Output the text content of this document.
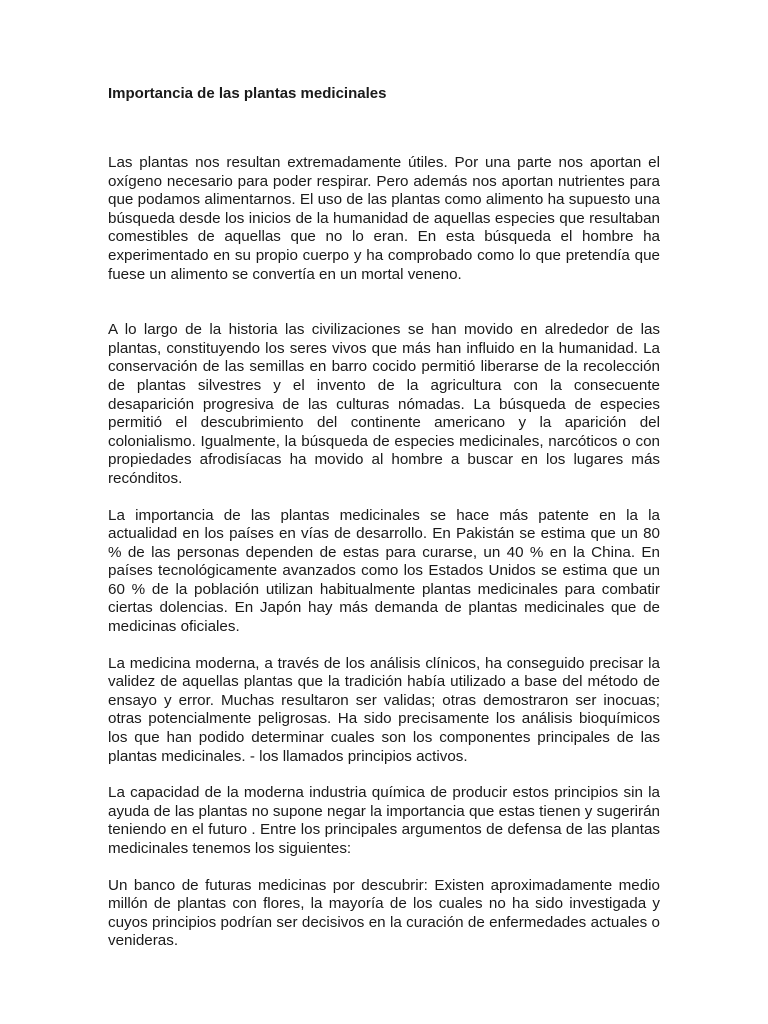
Importancia de las plantas medicinales

Las plantas nos resultan extremadamente útiles. Por una parte nos aportan el oxígeno necesario para poder respirar. Pero además nos aportan nutrientes para que podamos alimentarnos. El uso de las plantas como alimento ha supuesto una búsqueda desde los inicios de la humanidad de aquellas especies que resultaban comestibles de aquellas que no lo eran. En esta búsqueda el hombre ha experimentado en su propio cuerpo y ha comprobado como lo que pretendía que fuese un alimento se convertía en un mortal veneno.

A lo largo de la historia las civilizaciones se han movido en alrededor de las plantas, constituyendo los seres vivos que más han influido en la humanidad. La conservación de las semillas en barro cocido permitió liberarse de la recolección de plantas silvestres y el invento de la agricultura con la consecuente desaparición progresiva de las culturas nómadas. La búsqueda de especies permitió el descubrimiento del continente americano y la aparición del colonialismo. Igualmente, la búsqueda de especies medicinales, narcóticos o con propiedades afrodisíacas ha movido al hombre a buscar en los lugares más recónditos.

La importancia de las plantas medicinales se hace más patente en la la actualidad en los países en vías de desarrollo. En Pakistán se estima que un 80 % de las personas dependen de estas para curarse, un 40 % en la China. En países tecnológicamente avanzados como los Estados Unidos se estima que un 60 % de la población utilizan habitualmente plantas medicinales para combatir ciertas dolencias. En Japón hay más demanda de plantas medicinales que de medicinas oficiales.

La medicina moderna, a través de los análisis clínicos, ha conseguido precisar la validez de aquellas plantas que la tradición había utilizado a base del método de ensayo y error. Muchas resultaron ser validas; otras demostraron ser inocuas; otras potencialmente peligrosas. Ha sido precisamente los análisis bioquímicos los que han podido determinar cuales son los componentes principales de las plantas medicinales. - los llamados principios activos.

La capacidad de la moderna industria química de producir estos principios sin la ayuda de las plantas no supone negar la importancia que estas tienen y sugerirán teniendo en el futuro . Entre los principales argumentos de defensa de las plantas medicinales tenemos los siguientes:

Un banco de futuras medicinas por descubrir: Existen aproximadamente medio millón de plantas con flores, la mayoría de los cuales no ha sido investigada y cuyos principios podrían ser decisivos en la curación de enfermedades actuales o venideras.
